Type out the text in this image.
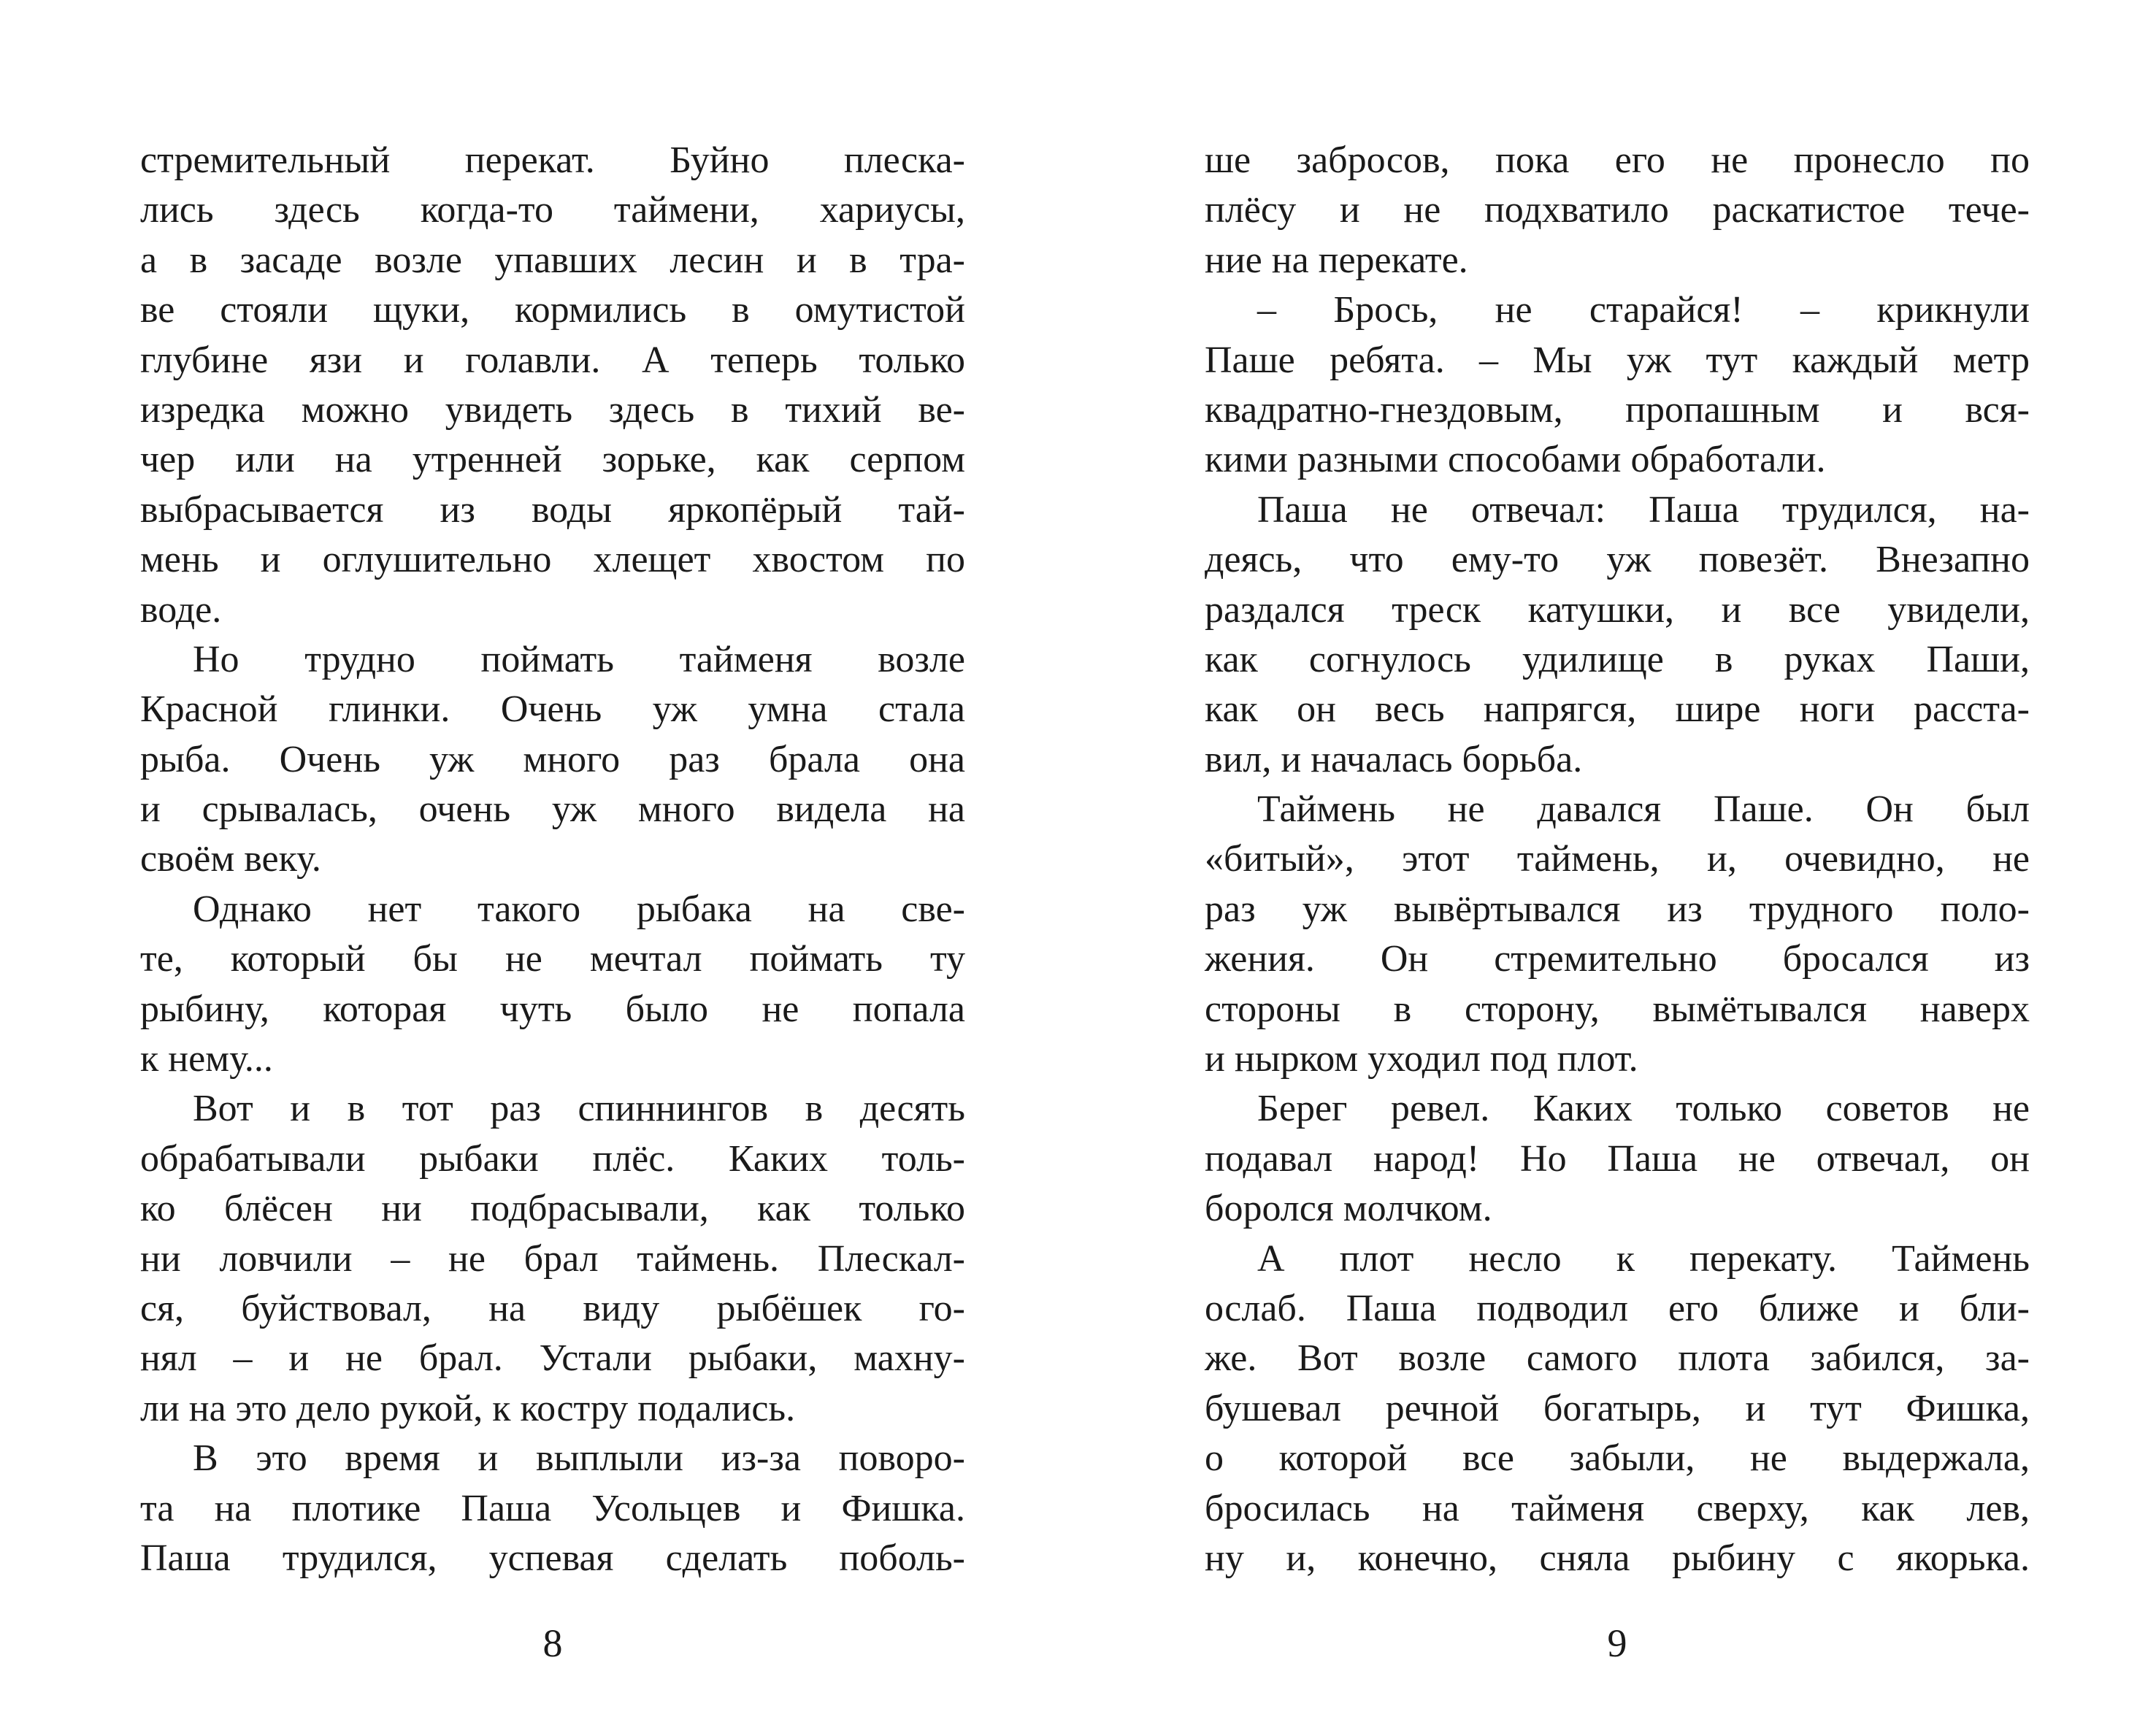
стремительный перекат. Буйно плеска-
лись здесь когда-то таймени, хариусы,
а в засаде возле упавших лесин и в тра-
ве стояли щуки, кормились в омутистой
глубине язи и голавли. А теперь только
изредка можно увидеть здесь в тихий ве-
чер или на утренней зорьке, как серпом
выбрасывается из воды яркопёрый тай-
мень и оглушительно хлещет хвостом по
воде.
Но трудно поймать тайменя возле
Красной глинки. Очень уж умна стала
рыба. Очень уж много раз брала она
и срывалась, очень уж много видела на
своём веку.
Однако нет такого рыбака на све-
те, который бы не мечтал поймать ту
рыбину, которая чуть было не попала
к нему...
Вот и в тот раз спиннингов в десять
обрабатывали рыбаки плёс. Каких толь-
ко блёсен ни подбрасывали, как только
ни ловчили – не брал таймень. Плескал-
ся, буйствовал, на виду рыбёшек го-
нял – и не брал. Устали рыбаки, махну-
ли на это дело рукой, к костру подались.
В это время и выплыли из-за поворо-
та на плотике Паша Усольцев и Фишка.
Паша трудился, успевая сделать поболь-
8
ше забросов, пока его не пронесло по
плёсу и не подхватило раскатистое тече-
ние на перекате.
– Брось, не старайся! – крикнули
Паше ребята. – Мы уж тут каждый метр
квадратно-гнездовым, пропашным и вся-
кими разными способами обработали.
Паша не отвечал: Паша трудился, на-
деясь, что ему-то уж повезёт. Внезапно
раздался треск катушки, и все увидели,
как согнулось удилище в руках Паши,
как он весь напрягся, шире ноги расста-
вил, и началась борьба.
Таймень не давался Паше. Он был
«битый», этот таймень, и, очевидно, не
раз уж вывёртывался из трудного поло-
жения. Он стремительно бросался из
стороны в сторону, вымётывался наверх
и нырком уходил под плот.
Берег ревел. Каких только советов не
подавал народ! Но Паша не отвечал, он
боролся молчком.
А плот несло к перекату. Таймень
ослаб. Паша подводил его ближе и бли-
же. Вот возле самого плота забился, за-
бушевал речной богатырь, и тут Фишка,
о которой все забыли, не выдержала,
бросилась на тайменя сверху, как лев,
ну и, конечно, сняла рыбину с якорька.
9
